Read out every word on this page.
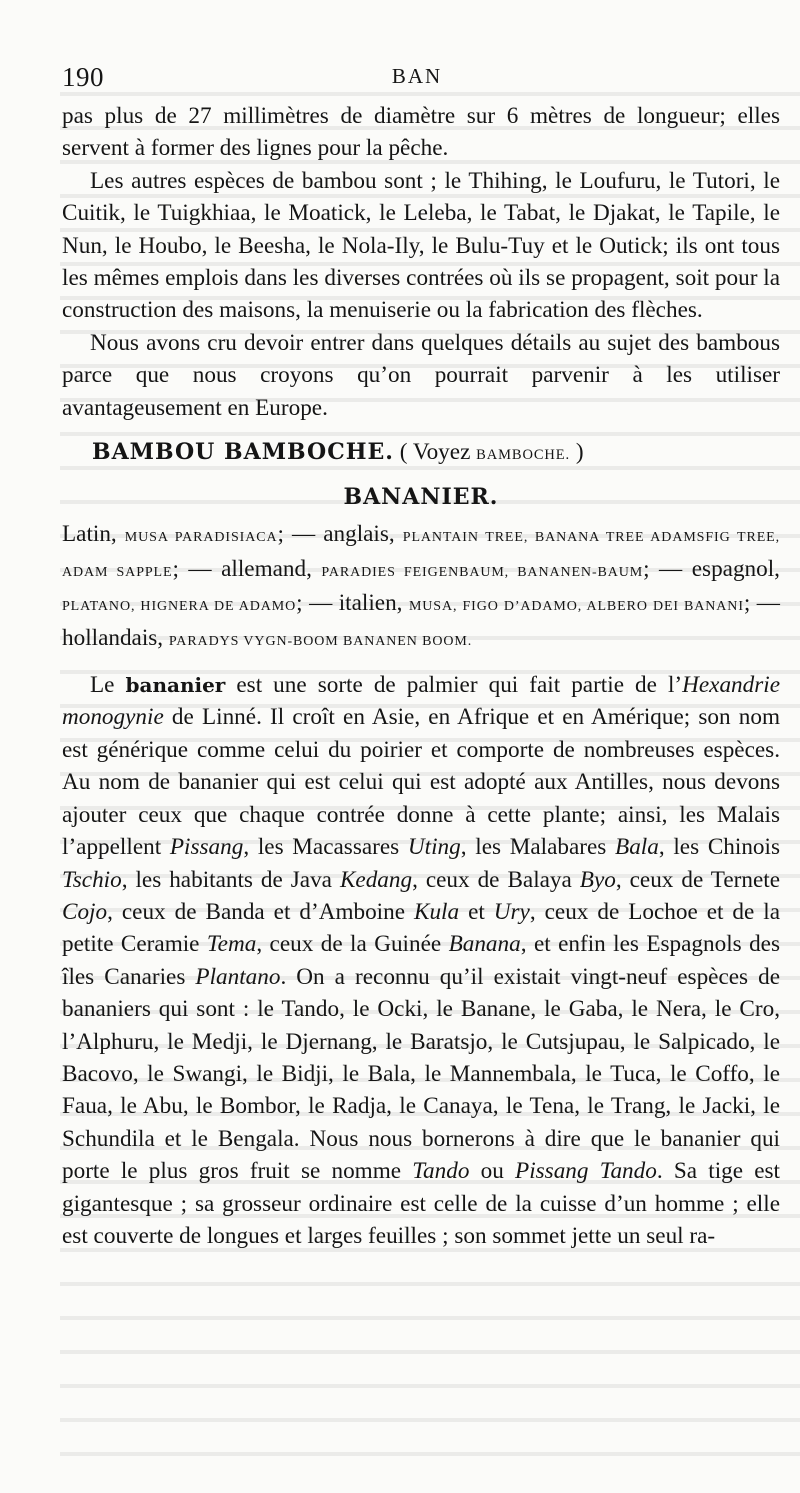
190	BAN

pas plus de 27 millimètres de diamètre sur 6 mètres de longueur; elles servent à former des lignes pour la pêche.

Les autres espèces de bambou sont ; le Thihing, le Loufuru, le Tutori, le Cuitik, le Tuigkhiaa, le Moatick, le Leleba, le Tabat, le Djakat, le Tapile, le Nun, le Houbo, le Beesha, le Nola-Ily, le Bulu-Tuy et le Outick; ils ont tous les mêmes emplois dans les diverses contrées où ils se propagent, soit pour la construction des maisons, la menuiserie ou la fabrication des flèches.

Nous avons cru devoir entrer dans quelques détails au sujet des bambous parce que nous croyons qu’on pourrait parvenir à les utiliser avantageusement en Europe.

BAMBOU BAMBOCHE. ( Voyez BAMBOCHE. )
BANANIER.

Latin, MUSA PARADISIACA; — anglais, PLANTAIN TREE, BANANA TREE ADAMSFIG TREE, ADAM SAPPLE; — allemand, PARADIES FEIGENBAUM, BANANEN-BAUM; — espagnol, PLATANO, HIGNERA DE ADAMO; — italien, MUSA, FIGO D’ADAMO, ALBERO DEI BANANI; — hollandais, PARADYS VYGN-BOOM BANANEN BOOM.

Le bananier est une sorte de palmier qui fait partie de l’Hexandrie monogynie de Linné. Il croît en Asie, en Afrique et en Amérique; son nom est générique comme celui du poirier et comporte de nombreuses espèces. Au nom de bananier qui est celui qui est adopté aux Antilles, nous devons ajouter ceux que chaque contrée donne à cette plante; ainsi, les Malais l’appellent Pissang, les Macassares Uting, les Malabares Bala, les Chinois Tschio, les habitants de Java Kedang, ceux de Balaya Byo, ceux de Ternete Cojo, ceux de Banda et d’Amboine Kula et Ury, ceux de Lochoe et de la petite Ceramie Tema, ceux de la Guinée Banana, et enfin les Espagnols des îles Canaries Plantano. On a reconnu qu’il existait vingt-neuf espèces de bananiers qui sont : le Tando, le Ocki, le Banane, le Gaba, le Nera, le Cro, l’Alphuru, le Medji, le Djernang, le Baratsjo, le Cutsjupau, le Salpicado, le Bacovo, le Swangi, le Bidji, le Bala, le Mannembala, le Tuca, le Coffo, le Faua, le Abu, le Bombor, le Radja, le Canaya, le Tena, le Trang, le Jacki, le Schundila et le Bengala. Nous nous bornerons à dire que le bananier qui porte le plus gros fruit se nomme Tando ou Pissang Tando. Sa tige est gigantesque ; sa grosseur ordinaire est celle de la cuisse d’un homme ; elle est couverte de longues et larges feuilles ; son sommet jette un seul ra-
